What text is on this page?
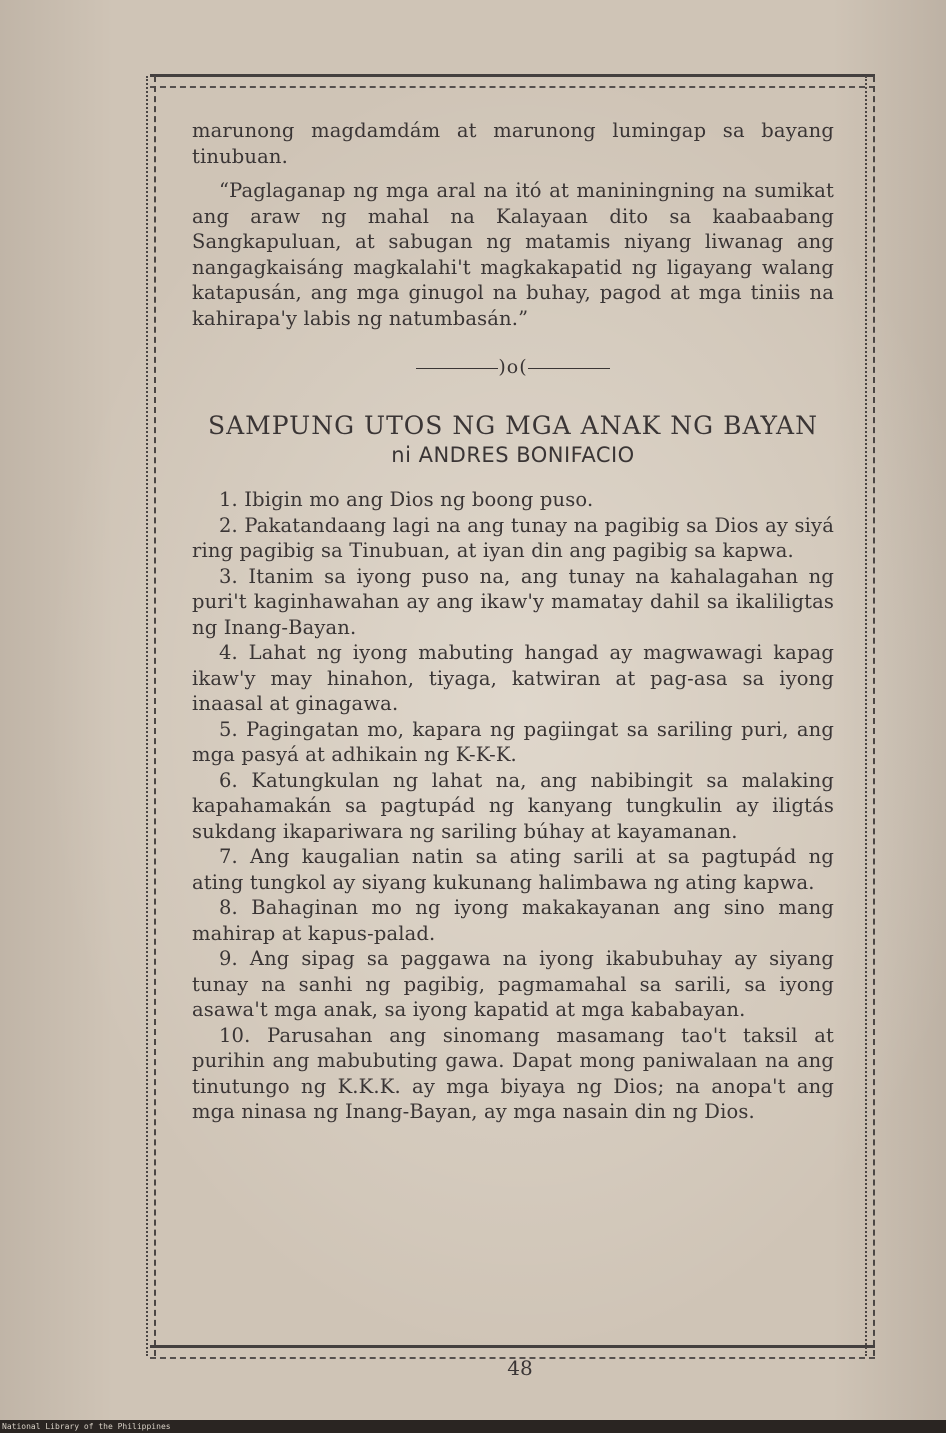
marunong magdamdám at marunong lumingap sa bayang tinubuan.

“Paglaganap ng mga aral na itó at maniningning na sumikat ang araw ng mahal na Kalayaan dito sa kaabaabang Sangkapuluan, at sabugan ng matamis niyang liwanag ang nangagkaisáng magkalahi't magkakapatid ng ligayang walang katapusán, ang mga ginugol na buhay, pagod at mga tiniis na kahirapa'y labis ng natumbasán.”

)o(
SAMPUNG UTOS NG MGA ANAK NG BAYAN
ni ANDRES BONIFACIO

1. Ibigin mo ang Dios ng boong puso.

2. Pakatandaang lagi na ang tunay na pagibig sa Dios ay siyá ring pagibig sa Tinubuan, at iyan din ang pagibig sa kapwa.

3. Itanim sa iyong puso na, ang tunay na kahalagahan ng puri't kaginhawahan ay ang ikaw'y mamatay dahil sa ikaliligtas ng Inang-Bayan.

4. Lahat ng iyong mabuting hangad ay magwawagi kapag ikaw'y may hinahon, tiyaga, katwiran at pag-asa sa iyong inaasal at ginagawa.

5. Pagingatan mo, kapara ng pagiingat sa sariling puri, ang mga pasyá at adhikain ng K-K-K.

6. Katungkulan ng lahat na, ang nabibingit sa malaking kapahamakán sa pagtupád ng kanyang tungkulin ay iligtás sukdang ikapariwara ng sariling búhay at kayamanan.

7. Ang kaugalian natin sa ating sarili at sa pagtupád ng ating tungkol ay siyang kukunang halimbawa ng ating kapwa.

8. Bahaginan mo ng iyong makakayanan ang sino mang mahirap at kapus-palad.

9. Ang sipag sa paggawa na iyong ikabubuhay ay siyang tunay na sanhi ng pagibig, pagmamahal sa sarili, sa iyong asawa't mga anak, sa iyong kapatid at mga kababayan.

10. Parusahan ang sinomang masamang tao't taksil at purihin ang mabubuting gawa. Dapat mong paniwalaan na ang tinutungo ng K.K.K. ay mga biyaya ng Dios; na anopa't ang mga ninasa ng Inang-Bayan, ay mga nasain din ng Dios.

48
National Library of the Philippines
